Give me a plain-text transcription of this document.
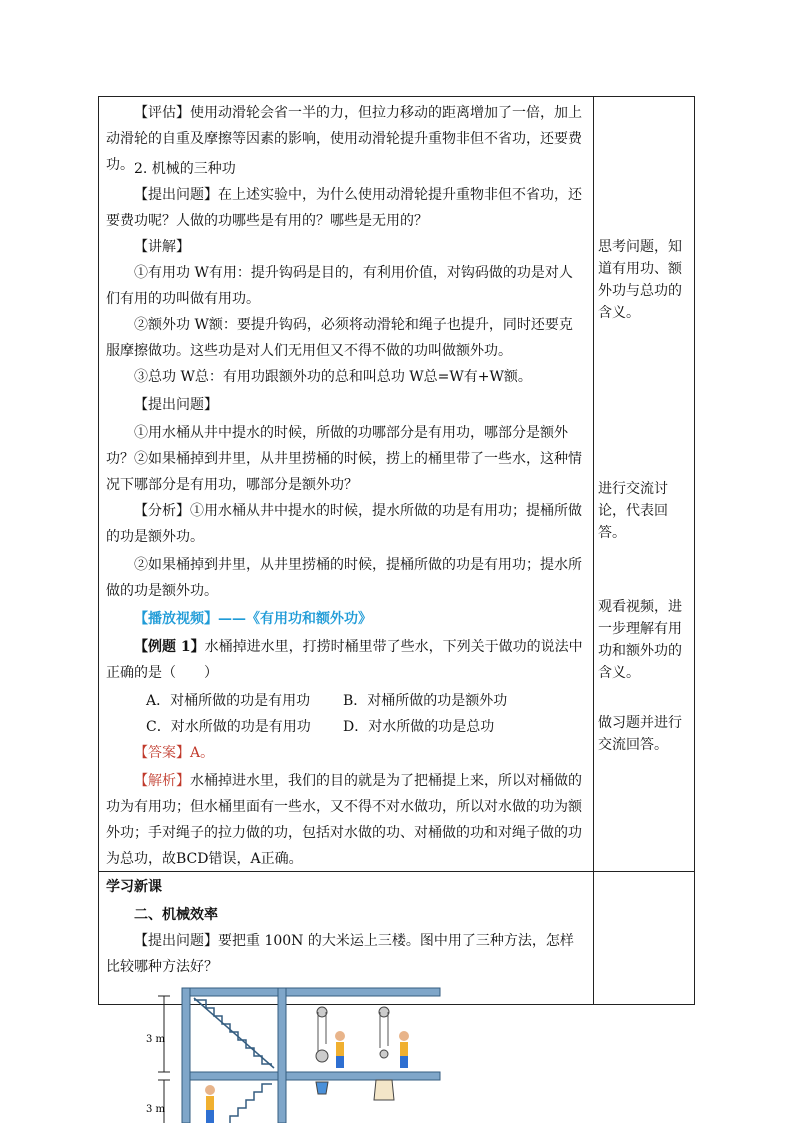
【评估】使用动滑轮会省一半的力，但拉力移动的距离增加了一倍，加上动滑轮的自重及摩擦等因素的影响，使用动滑轮提升重物非但不省功，还要费功。 2. 机械的三种功

【提出问题】在上述实验中，为什么使用动滑轮提升重物非但不省功，还要费功呢？人做的功哪些是有用的？哪些是无用的？

【讲解】

①有用功 W有用：提升钩码是目的，有利用价值，对钩码做的功是对人们有用的功叫做有用功。

②额外功 W额：要提升钩码，必须将动滑轮和绳子也提升，同时还要克服摩擦做功。这些功是对人们无用但又不得不做的功叫做额外功。

③总功 W总：有用功跟额外功的总和叫总功 W总=W有+W额。

【提出问题】

①用水桶从井中提水的时候，所做的功哪部分是有用功，哪部分是额外功？ ②如果桶掉到井里，从井里捞桶的时候，捞上的桶里带了一些水，这种情况下哪部分是有用功，哪部分是额外功？

【分析】①用水桶从井中提水的时候，提水所做的功是有用功；提桶所做的功是额外功。

②如果桶掉到井里，从井里捞桶的时候，提桶所做的功是有用功；提水所做的功是额外功。

【播放视频】——《有用功和额外功》

【例题 1】水桶掉进水里，打捞时桶里带了些水，下列关于做功的说法中正确的是（　　）

A．对桶所做的功是有用功 B．对桶所做的功是额外功
C．对水所做的功是有用功 D．对水所做的功是总功

【答案】A。

【解析】水桶掉进水里，我们的目的就是为了把桶提上来，所以对桶做的功为有用功；但水桶里面有一些水，又不得不对水做功，所以对水做的功为额外功；手对绳子的拉力做的功，包括对水做的功、对桶做的功和对绳子做的功为总功，故BCD错误，A正确。

思考问题，知道有用功、额外功与总功的含义。

进行交流讨论，代表回答。

观看视频，进一步理解有用功和额外功的含义。

做习题并进行交流回答。

学习新课

二、机械效率

【提出问题】要把重 100N 的大米运上三楼。图中用了三种方法，怎样比较哪种方法好？

3 m
3 m
